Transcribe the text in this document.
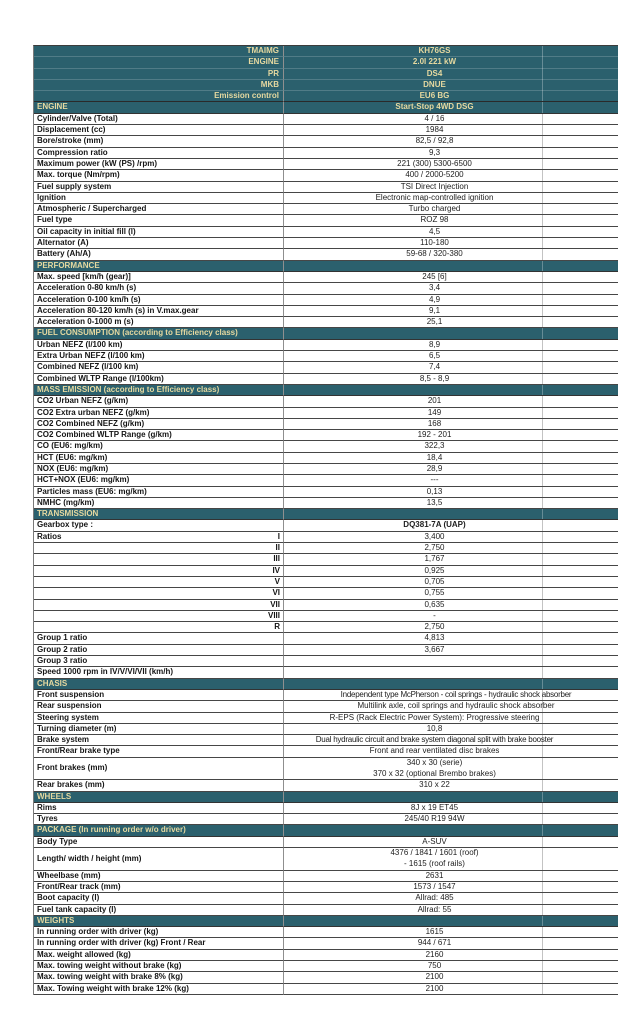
TMAIMG	KH76GS
ENGINE	2.0l 221 kW
PR	DS4
MKB	DNUE
Emission control	EU6 BG
ENGINE	Start-Stop 4WD DSG
Cylinder/Valve (Total)	4 / 16
Displacement (cc)	1984
Bore/stroke (mm)	82,5 / 92,8
Compression ratio	9,3
Maximum power (kW (PS) /rpm)	221 (300) 5300-6500
Max. torque (Nm/rpm)	400 / 2000-5200
Fuel supply system	TSI Direct Injection
Ignition	Electronic map-controlled ignition
Atmospheric / Supercharged	Turbo charged
Fuel type	ROZ 98
Oil capacity in initial fill (l)	4,5
Alternator (A)	110-180
Battery (Ah/A)	59-68 / 320-380
PERFORMANCE	
Max. speed [km/h (gear)]	245 [6]
Acceleration 0-80 km/h (s)	3,4
Acceleration 0-100 km/h (s)	4,9
Acceleration 80-120 km/h (s) in V.max.gear	9,1
Acceleration 0-1000 m (s)	25,1
FUEL CONSUMPTION (according to Efficiency class)	
Urban NEFZ (l/100 km)	8,9
Extra Urban NEFZ (l/100 km)	6,5
Combined NEFZ (l/100 km)	7,4
Combined WLTP Range (l/100km)	8,5 - 8,9
MASS EMISSION (according to Efficiency class)	
CO2 Urban NEFZ (g/km)	201
CO2 Extra urban NEFZ (g/km)	149
CO2 Combined NEFZ (g/km)	168
CO2 Combined WLTP Range (g/km)	192 - 201
CO (EU6: mg/km)	322,3
HCT (EU6: mg/km)	18,4
NOX (EU6: mg/km)	28,9
HCT+NOX (EU6: mg/km)	---
Particles mass (EU6: mg/km)	0,13
NMHC (mg/km)	13,5
TRANSMISSION	
Gearbox type :	DQ381-7A (UAP)

Ratios I	3,400

II	2,750

III	1,767

IV	0,925

V	0,705

VI	0,755

VII	0,635

VIII	-

R	2,750
Group 1 ratio	4,813
Group 2 ratio	3,667
Group 3 ratio	
Speed 1000 rpm in IV/V/VI/VII (km/h)	
CHASIS	
Front suspension	Independent type McPherson - coil springs - hydraulic shock absorber
Rear suspension	Multilink axle, coil springs and hydraulic shock absorber
Steering system	R-EPS (Rack Electric Power System): Progressive steering
Turning diameter (m)	10,8
Brake system	Dual hydraulic circuit and brake system diagonal split with brake booster
Front/Rear brake type	Front and rear ventilated disc brakes
Front brakes (mm)	340 x 30 (serie)
370 x 32 (optional Brembo brakes)

Rear brakes (mm)	310 x 22
WHEELS	
Rims	8J x 19 ET45
Tyres	245/40 R19 94W
PACKAGE (In running order w/o driver)	
Body Type	A-SUV
Length/ width / height (mm)	4376 / 1841 / 1601 (roof)
- 1615 (roof rails)

Wheelbase (mm)	2631
Front/Rear track (mm)	1573 / 1547
Boot capacity (l)	Allrad: 485
Fuel tank capacity (l)	Allrad: 55
WEIGHTS	
In running order with driver (kg)	1615
In running order with driver (kg) Front / Rear	944 / 671
Max. weight allowed (kg)	2160
Max. towing weight without brake (kg)	750
Max. towing weight with brake 8% (kg)	2100
Max. Towing weight with brake 12% (kg)	2100
